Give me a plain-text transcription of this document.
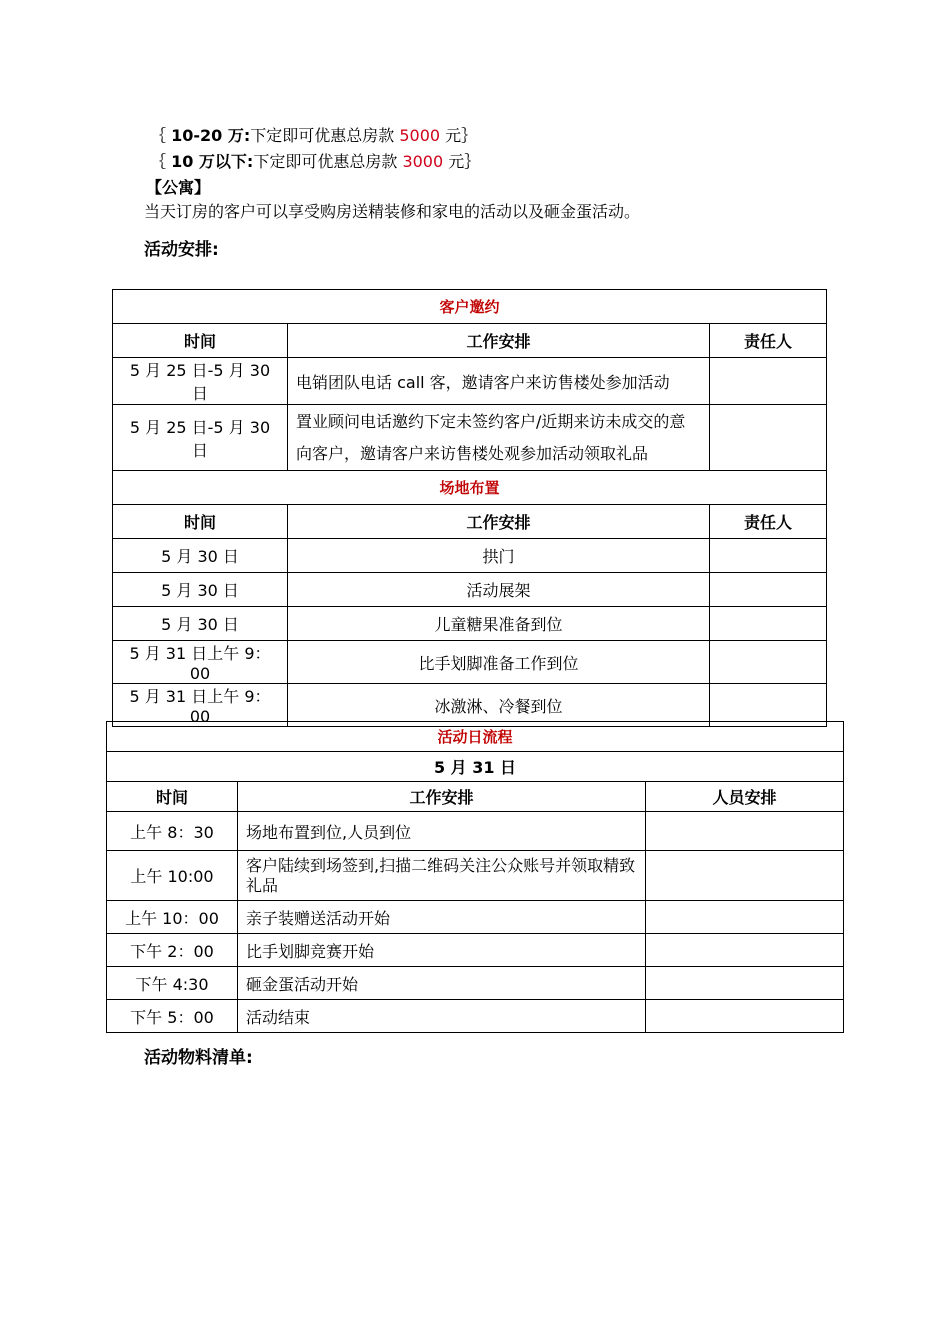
｛ 10-20 万:下定即可优惠总房款 5000 元｝
｛ 10 万以下:下定即可优惠总房款 3000 元｝
【公寓】
当天订房的客户可以享受购房送精装修和家电的活动以及砸金蛋活动。
活动安排:
客户邀约		
时间	工作安排	责任人
5 月 25 日-5 月 30 日	电销团队电话 call 客，邀请客户来访售楼处参加活动	
5 月 25 日-5 月 30 日	置业顾问电话邀约下定未签约客户/近期来访未成交的意向客户，邀请客户来访售楼处观参加活动领取礼品	
场地布置		
时间	工作安排	责任人
5 月 30 日	拱门	
5 月 30 日	活动展架	
5 月 30 日	儿童糖果准备到位	
5 月 31 日上午 9：00	比手划脚准备工作到位	
5 月 31 日上午 9：00	冰激淋、冷餐到位	
活动日流程		
5 月 31 日		
时间	工作安排	人员安排
上午 8：30	场地布置到位,人员到位	
上午 10:00	客户陆续到场签到,扫描二维码关注公众账号并领取精致礼品	
上午 10：00	亲子装赠送活动开始	
下午 2：00	比手划脚竞赛开始	
下午 4:30	砸金蛋活动开始	
下午 5：00	活动结束	
活动物料清单:
